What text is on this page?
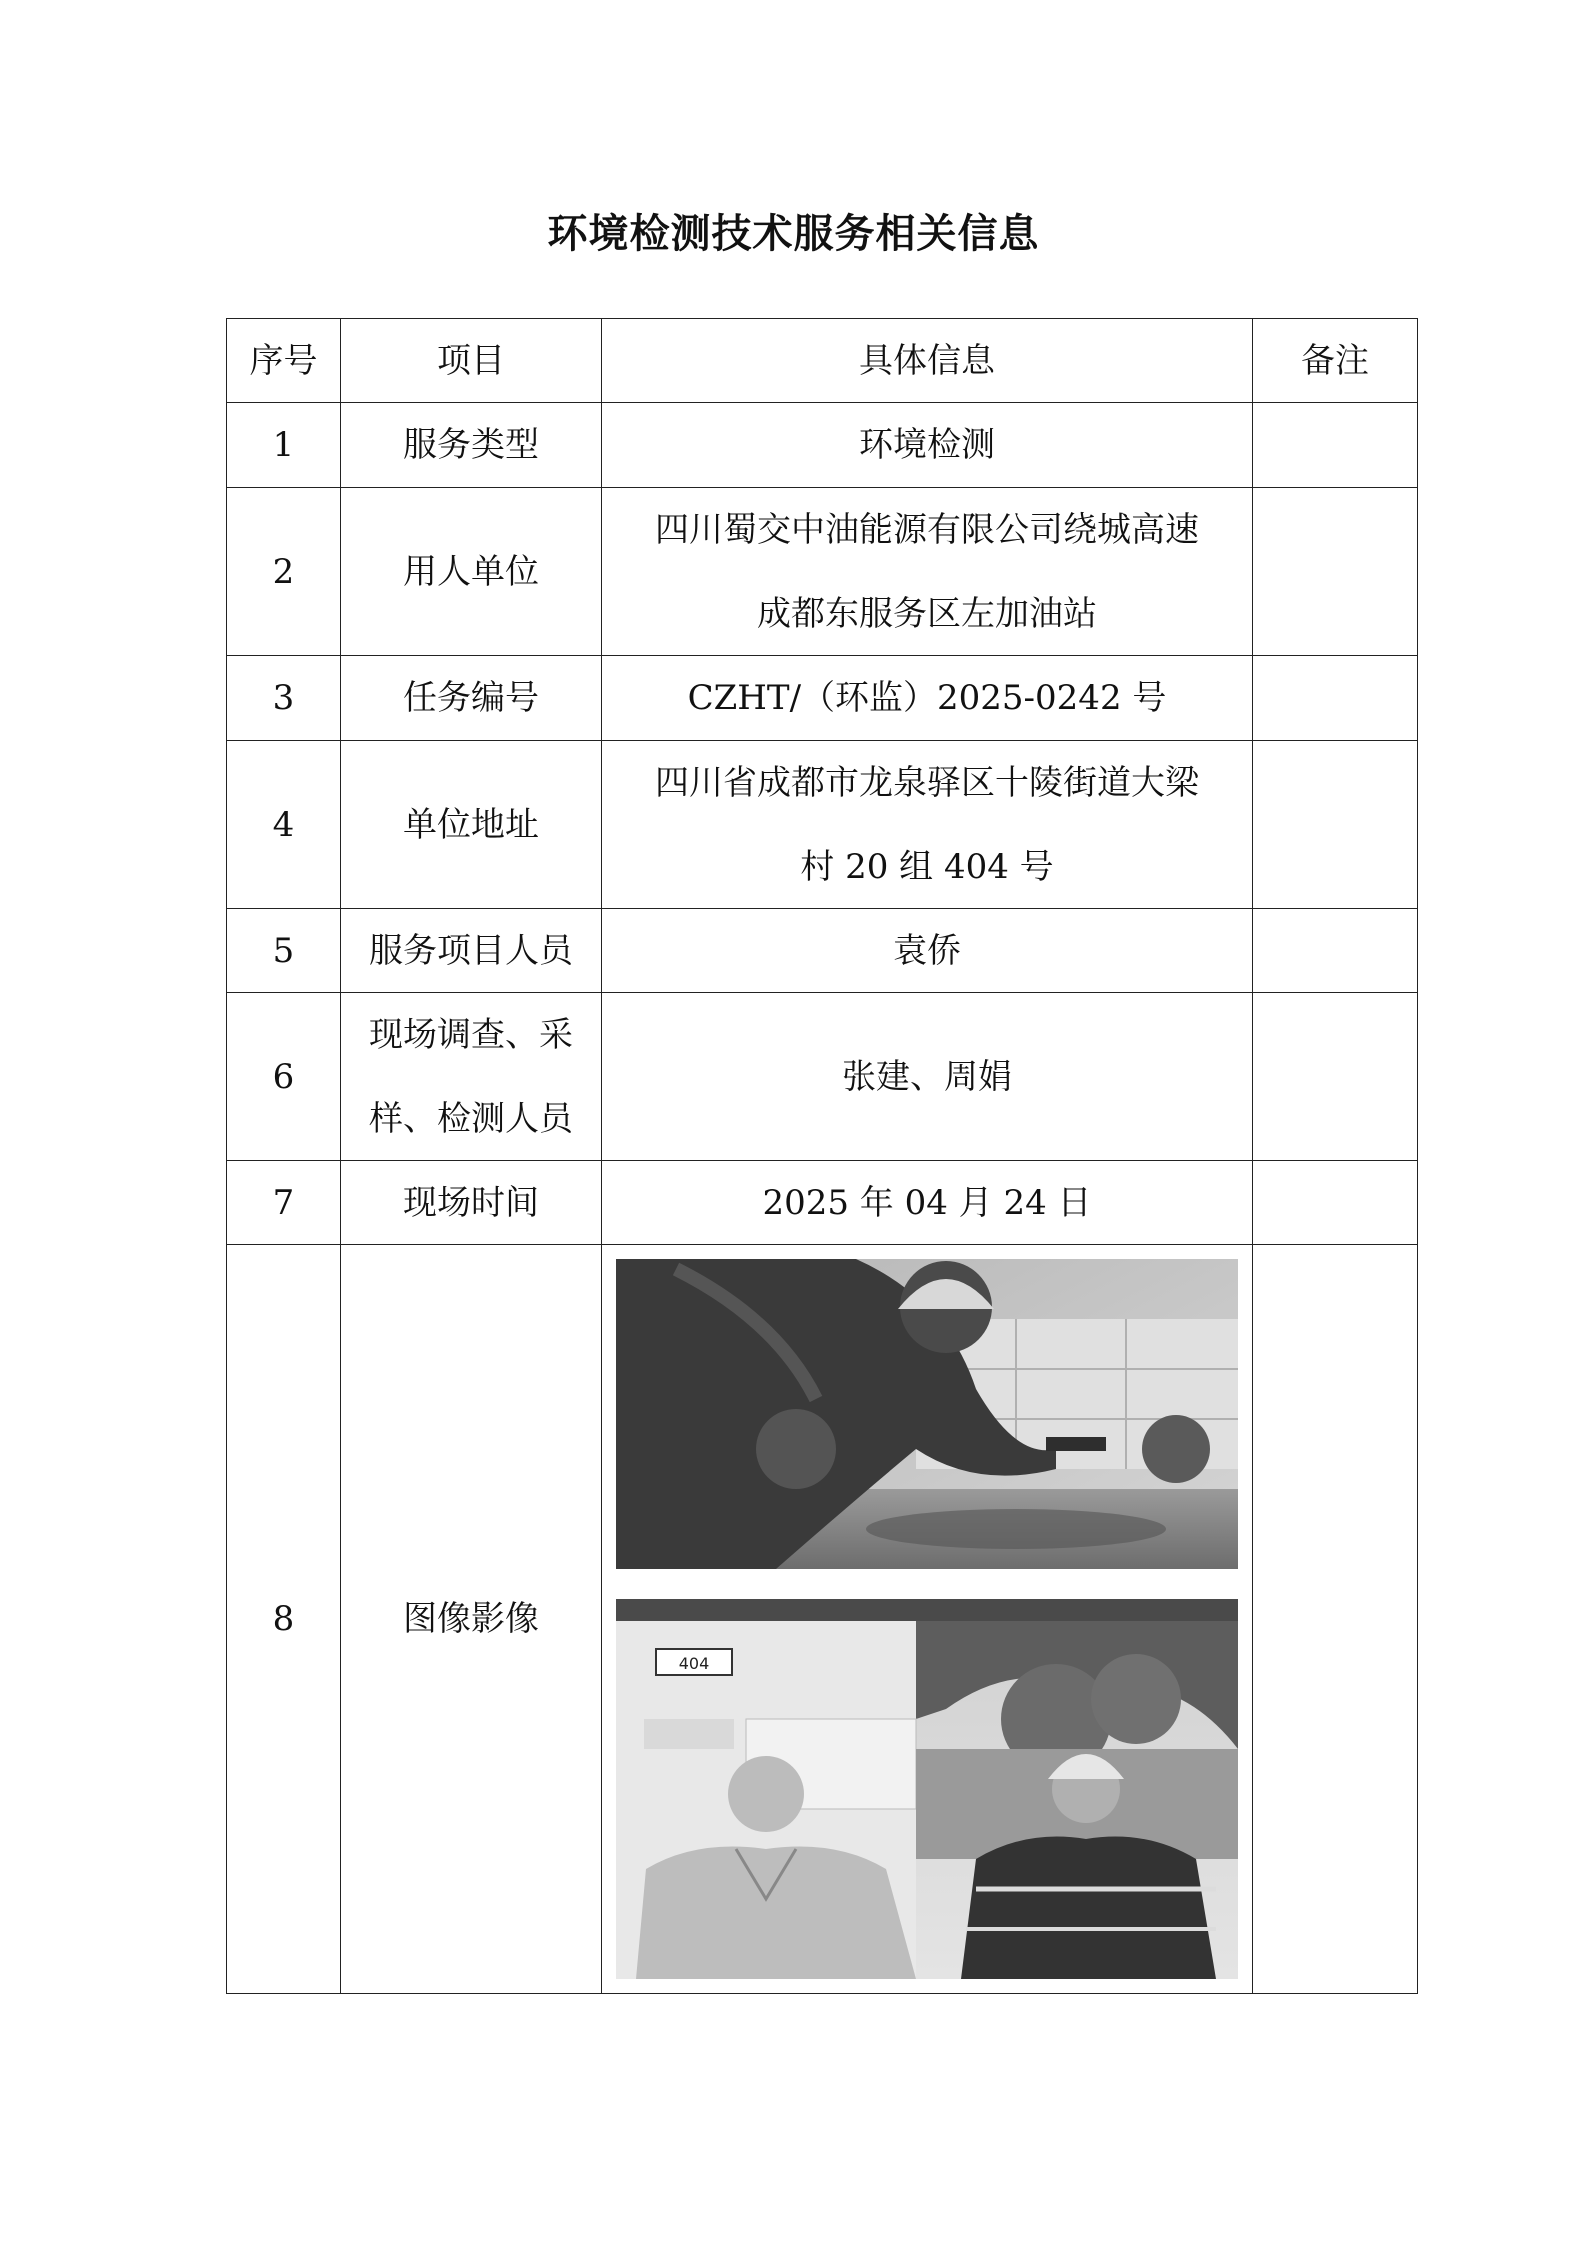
环境检测技术服务相关信息
序号	项目	具体信息	备注
1	服务类型	环境检测	
2	用人单位	四川蜀交中油能源有限公司绕城高速
成都东服务区左加油站	

3	任务编号	CZHT/（环监）2025-0242 号	
4	单位地址	四川省成都市龙泉驿区十陵街道大梁
村 20 组 404 号	

5	服务项目人员	袁侨	
6	现场调查、采
样、检测人员	张建、周娟	
7	现场时间	2025 年 04 月 24 日	
8	图像影像	404	
